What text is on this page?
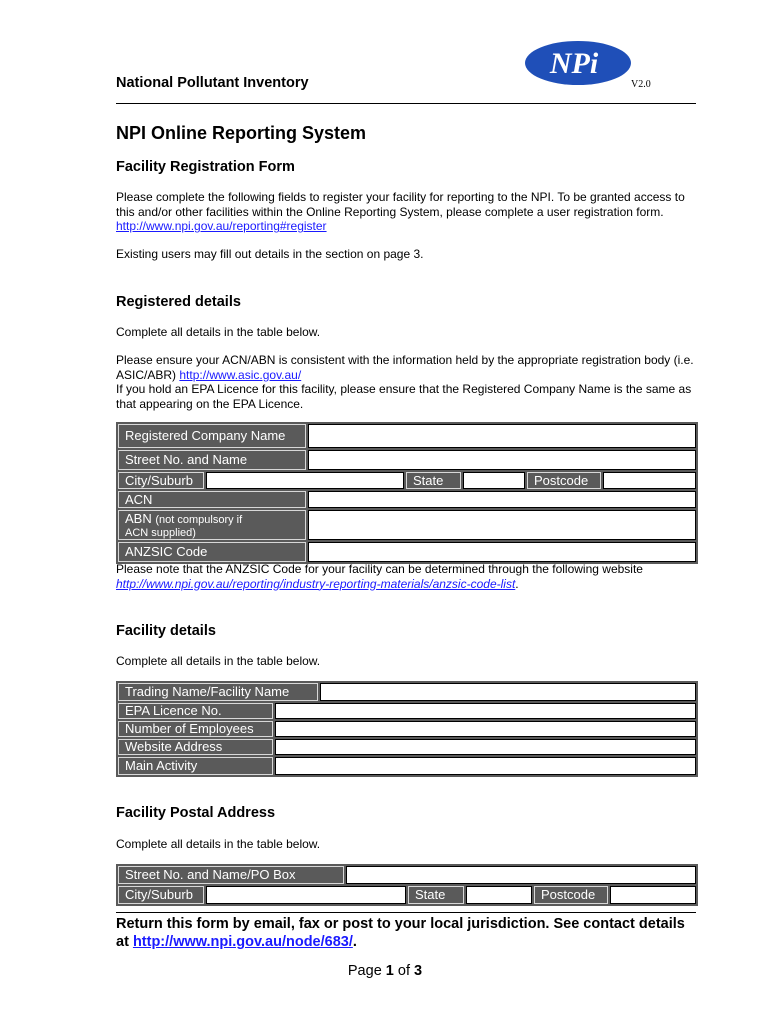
National Pollutant Inventory
NPi
V2.0
NPI Online Reporting System
Facility Registration Form
Please complete the following fields to register your facility for reporting to the NPI. To be granted access to this and/or other facilities within the Online Reporting System, please complete a user registration form. http://www.npi.gov.au/reporting#register
Existing users may fill out details in the section on page 3.
Registered details
Complete all details in the table below.
Please ensure your ACN/ABN is consistent with the information held by the appropriate registration body (i.e. ASIC/ABR) http://www.asic.gov.au/
If you hold an EPA Licence for this facility, please ensure that the Registered Company Name is the same as that appearing on the EPA Licence.
Registered Company Name
Street No. and Name
City/Suburb	State	Postcode
ACN
ABN (not compulsory if
ACN supplied)
ANZSIC Code
Please note that the ANZSIC Code for your facility can be determined through the following website
http://www.npi.gov.au/reporting/industry-reporting-materials/anzsic-code-list.
Facility details
Complete all details in the table below.
Trading Name/Facility Name
EPA Licence No.
Number of Employees
Website Address
Main Activity
Facility Postal Address
Complete all details in the table below.
Street No. and Name/PO Box
City/Suburb	State	Postcode
Return this form by email, fax or post to your local jurisdiction. See contact details at http://www.npi.gov.au/node/683/.
Page 1 of 3
